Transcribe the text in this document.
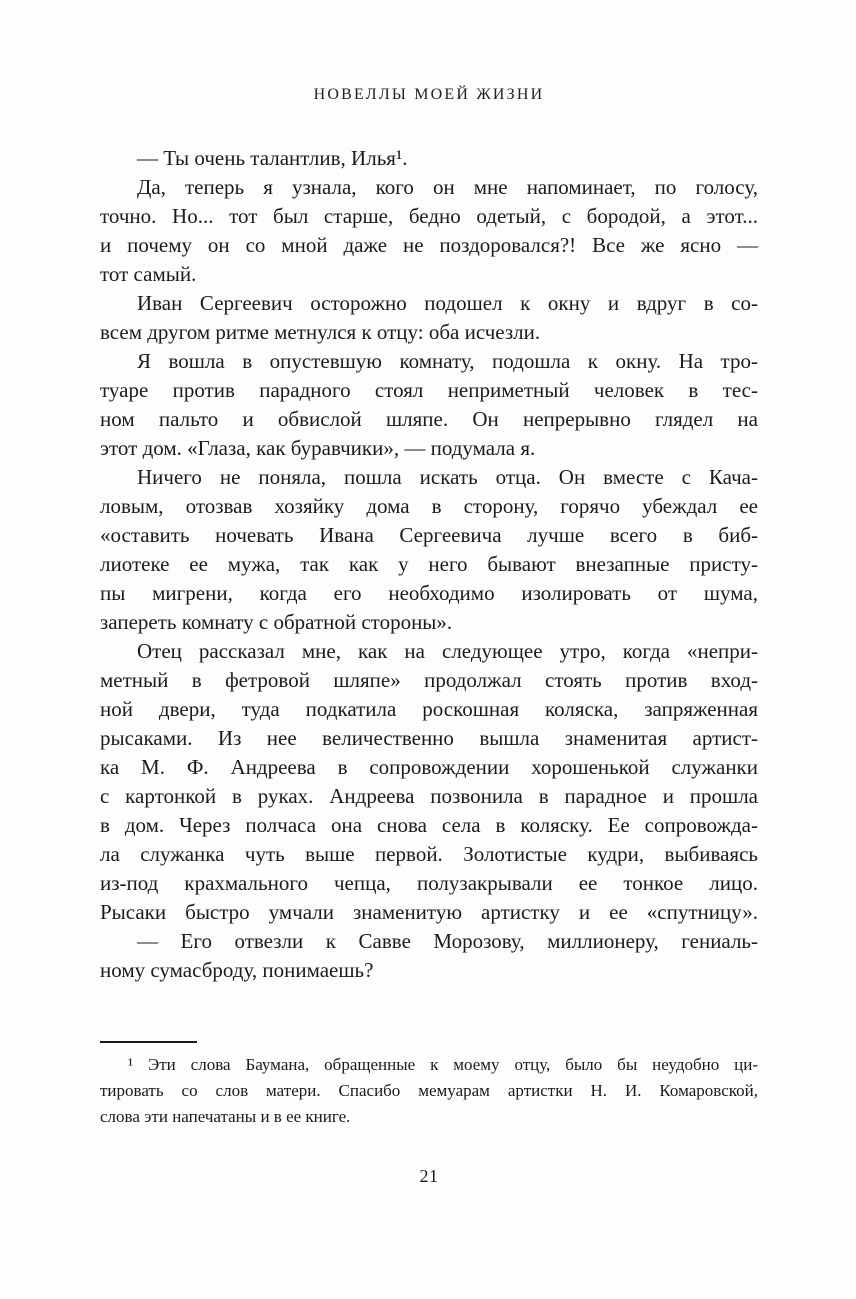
НОВЕЛЛЫ МОЕЙ ЖИЗНИ
— Ты очень талантлив, Илья¹.
Да, теперь я узнала, кого он мне напоминает, по голосу,
точно. Но... тот был старше, бедно одетый, с бородой, а этот...
и почему он со мной даже не поздоровался?! Все же ясно —
тот самый.
Иван Сергеевич осторожно подошел к окну и вдруг в со-
всем другом ритме метнулся к отцу: оба исчезли.
Я вошла в опустевшую комнату, подошла к окну. На тро-
туаре против парадного стоял неприметный человек в тес-
ном пальто и обвислой шляпе. Он непрерывно глядел на
этот дом. «Глаза, как буравчики», — подумала я.
Ничего не поняла, пошла искать отца. Он вместе с Кача-
ловым, отозвав хозяйку дома в сторону, горячо убеждал ее
«оставить ночевать Ивана Сергеевича лучше всего в биб-
лиотеке ее мужа, так как у него бывают внезапные присту-
пы мигрени, когда его необходимо изолировать от шума,
запереть комнату с обратной стороны».
Отец рассказал мне, как на следующее утро, когда «непри-
метный в фетровой шляпе» продолжал стоять против вход-
ной двери, туда подкатила роскошная коляска, запряженная
рысаками. Из нее величественно вышла знаменитая артист-
ка М. Ф. Андреева в сопровождении хорошенькой служанки
с картонкой в руках. Андреева позвонила в парадное и прошла
в дом. Через полчаса она снова села в коляску. Ее сопровожда-
ла служанка чуть выше первой. Золотистые кудри, выбиваясь
из-под крахмального чепца, полузакрывали ее тонкое лицо.
Рысаки быстро умчали знаменитую артистку и ее «спутницу».
— Его отвезли к Савве Морозову, миллионеру, гениаль-
ному сумасброду, понимаешь?
¹ Эти слова Баумана, обращенные к моему отцу, было бы неудобно ци-
тировать со слов матери. Спасибо мемуарам артистки Н. И. Комаровской,
слова эти напечатаны и в ее книге.
21
